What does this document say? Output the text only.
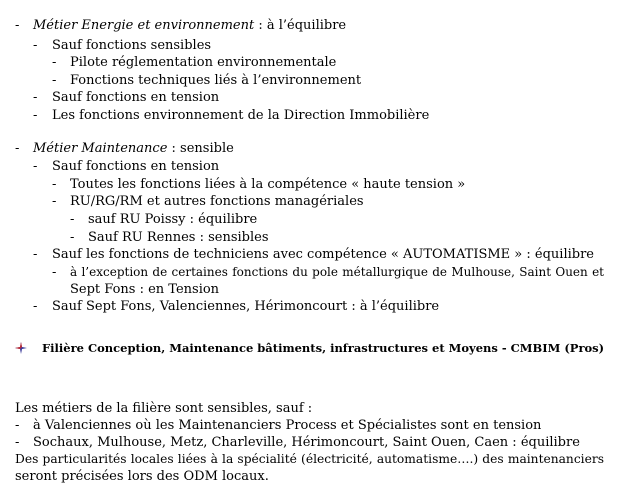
- Métier Energie et environnement : à l’équilibre
- Sauf fonctions sensibles
- Pilote réglementation environnementale
- Fonctions techniques liés à l’environnement
- Sauf fonctions en tension
- Les fonctions environnement de la Direction Immobilière
- Métier Maintenance : sensible
- Sauf fonctions en tension
- Toutes les fonctions liées à la compétence « haute tension »
- RU/RG/RM et autres fonctions managériales
- sauf RU Poissy : équilibre
- Sauf RU Rennes : sensibles
- Sauf les fonctions de techniciens avec compétence « AUTOMATISME » : équilibre
- à l’exception de certaines fonctions du pole métallurgique de Mulhouse, Saint Ouen et
Sept Fons : en Tension
- Sauf Sept Fons, Valenciennes, Hérimoncourt : à l’équilibre
Filière Conception, Maintenance bâtiments, infrastructures et Moyens - CMBIM (Pros)
Les métiers de la filière sont sensibles, sauf :
- à Valenciennes où les Maintenanciers Process et Spécialistes sont en tension
- Sochaux, Mulhouse, Metz, Charleville, Hérimoncourt, Saint Ouen, Caen : équilibre
Des particularités locales liées à la spécialité (électricité, automatisme….) des maintenanciers
seront précisées lors des ODM locaux.
